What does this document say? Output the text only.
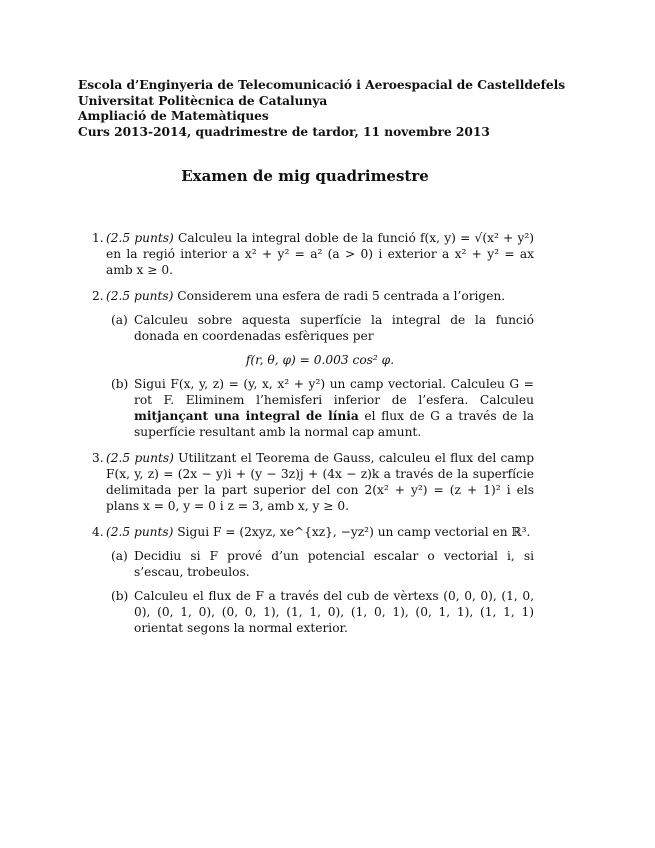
Escola d’Enginyeria de Telecomunicació i Aeroespacial de Castelldefels
Universitat Politècnica de Catalunya
Ampliació de Matemàtiques
Curs 2013-2014, quadrimestre de tardor, 11 novembre 2013
Examen de mig quadrimestre
1. (2.5 punts) Calculeu la integral doble de la funció f(x, y) = √(x² + y²) en la regió interior a x² + y² = a² (a > 0) i exterior a x² + y² = ax amb x ≥ 0.
2. (2.5 punts) Considerem una esfera de radi 5 centrada a l’origen.
(a) Calculeu sobre aquesta superfície la integral de la funció donada en coordenadas esfèriques per
f(r, θ, φ) = 0.003 cos² φ.
(b) Sigui F(x, y, z) = (y, x, x² + y²) un camp vectorial. Calculeu G = rot F. Eliminem l’hemisferi inferior de l’esfera. Calculeu mitjançant una integral de línia el flux de G a través de la superfície resultant amb la normal cap amunt.
3. (2.5 punts) Utilitzant el Teorema de Gauss, calculeu el flux del camp F(x, y, z) = (2x − y)i + (y − 3z)j + (4x − z)k a través de la superfície delimitada per la part superior del con 2(x² + y²) = (z + 1)² i els plans x = 0, y = 0 i z = 3, amb x, y ≥ 0.
4. (2.5 punts) Sigui F = (2xyz, xe^{xz}, −yz²) un camp vectorial en ℝ³.
(a) Decidiu si F prové d’un potencial escalar o vectorial i, si s’escau, trobeulos.
(b) Calculeu el flux de F a través del cub de vèrtexs (0, 0, 0), (1, 0, 0), (0, 1, 0), (0, 0, 1), (1, 1, 0), (1, 0, 1), (0, 1, 1), (1, 1, 1) orientat segons la normal exterior.
